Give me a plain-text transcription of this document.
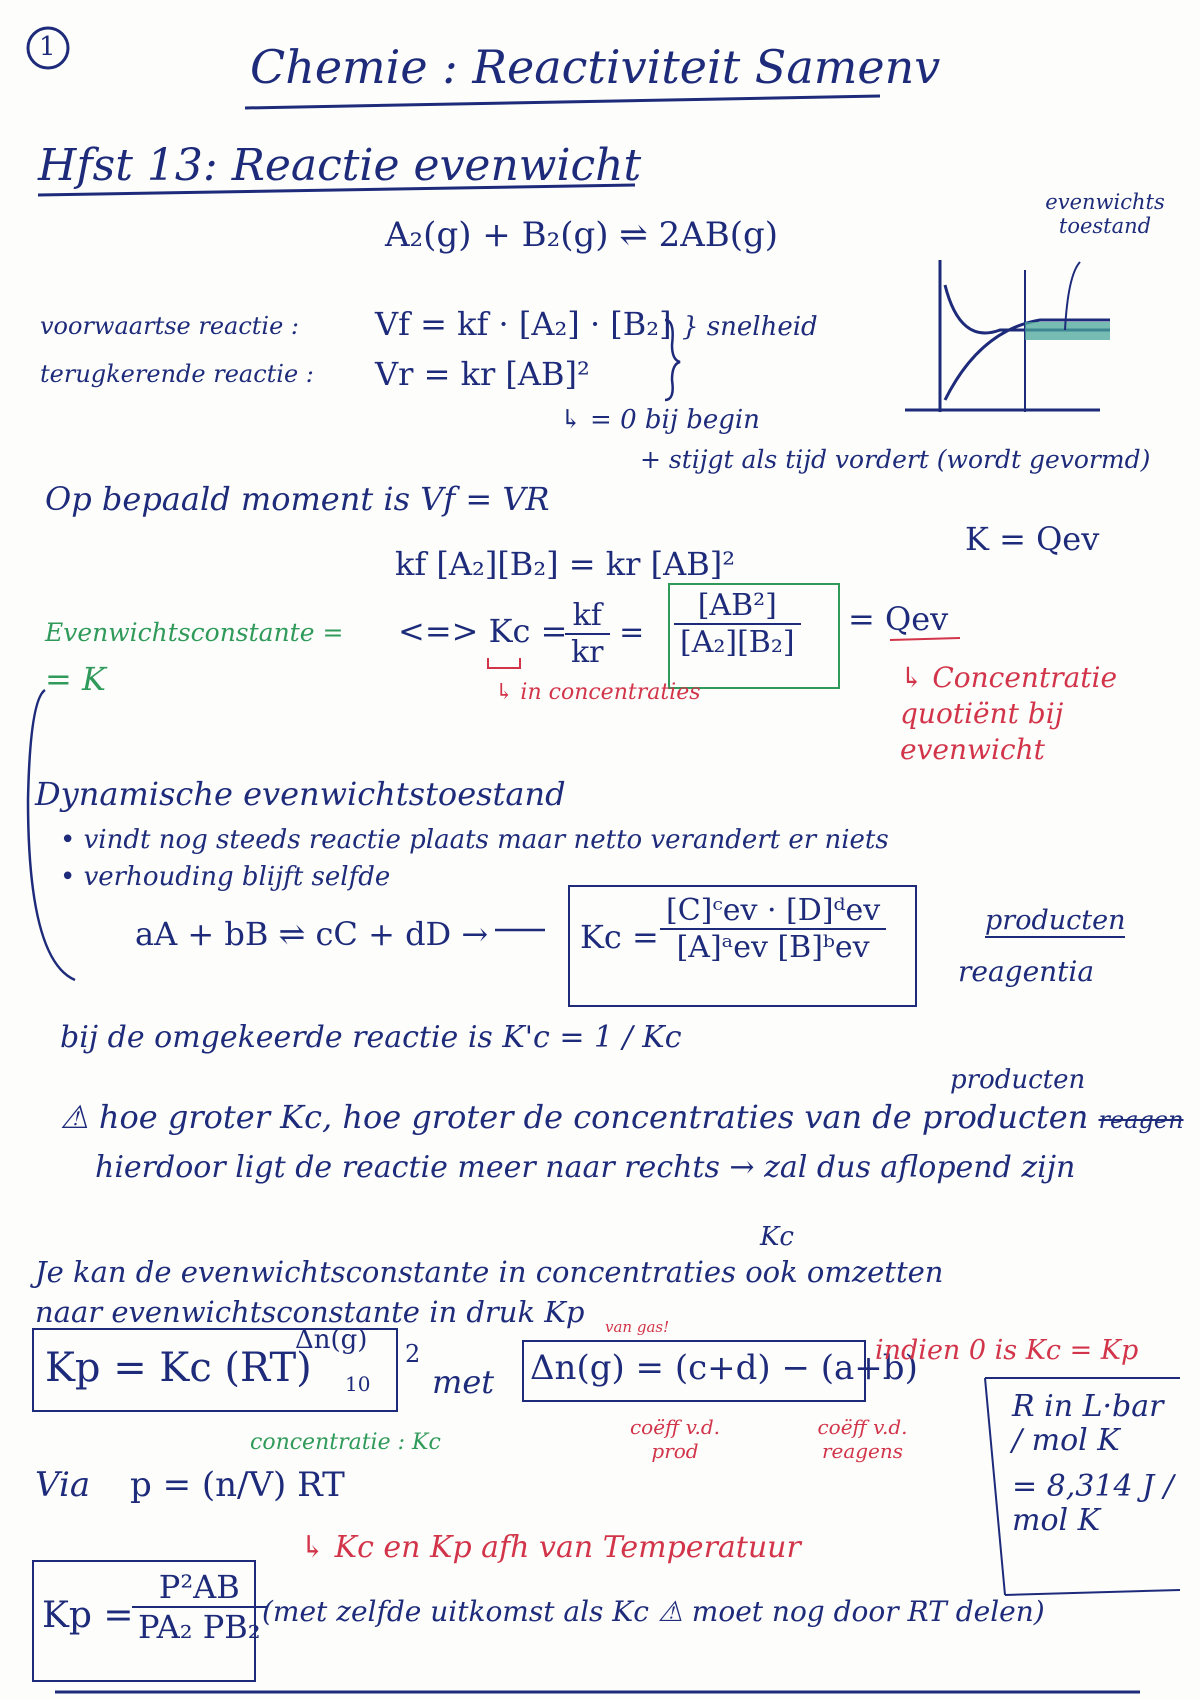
1	Chemie : Reactiviteit Samenv
Hfst 13: Reactie evenwicht
A₂(g) + B₂(g) ⇌ 2AB(g)
evenwichts toestand
voorwaartse reactie : Vf = kf · [A₂] · [B₂]
terugkerende reactie : Vr = kr [AB]²
} snelheid
↳ = 0 bij begin
+ stijgt als tijd vordert (wordt gevormd)
Op bepaald moment is Vf = VR
K = Qev
kf [A₂][B₂] = kr [AB]²
Evenwichtsconstante =
= K
<=> Kc =
$\frac{kf}{kr} = \frac{\text{[AB²]}}{\text{[A₂][B₂]}}$ = Qev
↳ in concentraties	↳ Concentratie quotiënt bij evenwicht
Dynamische evenwichtstoestand
• vindt nog steeds reactie plaats maar netto verandert er niets
• verhouding blijft selfde
aA + bB ⇌ cC + dD →	$Kc = \frac{\text{[C]ᶜev · [D]ᵈev}}{\text{[A]ᵃev [B]ᵇev}}$	producten
reagentia
bij de omgekeerde reactie is K'c = 1 / Kc
producten
⚠ hoe groter Kc, hoe groter de concentraties van de producten reagen
hierdoor ligt de reactie meer naar rechts → zal dus aflopend zijn
Kc
Je kan de evenwichtsconstante in concentraties ook omzetten
naar evenwichtsconstante in druk Kp
Kp = Kc (RT)
Δn(g)
10
2
met
van gas!
Δn(g) = (c+d) − (a+b)
indien 0 is Kc = Kp
coëff v.d. prod
coëff v.d. reagens
concentratie : Kc
R in L·bar / mol K
= 8,314 J / mol K
Via p = (n/V) RT
↳ Kc en Kp afh van Temperatuur
Kp =
$\frac{\text{P²AB}}{\text{PA₂ PB₂}}$
(met zelfde uitkomst als Kc ⚠ moet nog door RT delen)
